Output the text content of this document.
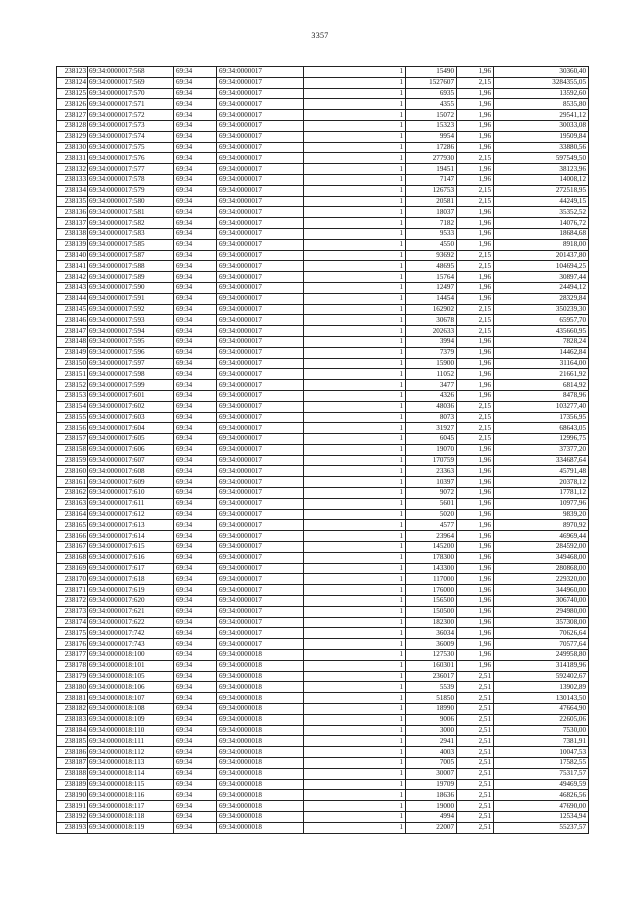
3357
238123	69:34:0000017:568	69:34	69:34:0000017	1	15490	1,96	30360,40
238124	69:34:0000017:569	69:34	69:34:0000017	1	1527607	2,15	3284355,05
238125	69:34:0000017:570	69:34	69:34:0000017	1	6935	1,96	13592,60
238126	69:34:0000017:571	69:34	69:34:0000017	1	4355	1,96	8535,80
238127	69:34:0000017:572	69:34	69:34:0000017	1	15072	1,96	29541,12
238128	69:34:0000017:573	69:34	69:34:0000017	1	15323	1,96	30033,08
238129	69:34:0000017:574	69:34	69:34:0000017	1	9954	1,96	19509,84
238130	69:34:0000017:575	69:34	69:34:0000017	1	17286	1,96	33880,56
238131	69:34:0000017:576	69:34	69:34:0000017	1	277930	2,15	597549,50
238132	69:34:0000017:577	69:34	69:34:0000017	1	19451	1,96	38123,96
238133	69:34:0000017:578	69:34	69:34:0000017	1	7147	1,96	14008,12
238134	69:34:0000017:579	69:34	69:34:0000017	1	126753	2,15	272518,95
238135	69:34:0000017:580	69:34	69:34:0000017	1	20581	2,15	44249,15
238136	69:34:0000017:581	69:34	69:34:0000017	1	18037	1,96	35352,52
238137	69:34:0000017:582	69:34	69:34:0000017	1	7182	1,96	14076,72
238138	69:34:0000017:583	69:34	69:34:0000017	1	9533	1,96	18684,68
238139	69:34:0000017:585	69:34	69:34:0000017	1	4550	1,96	8918,00
238140	69:34:0000017:587	69:34	69:34:0000017	1	93692	2,15	201437,80
238141	69:34:0000017:588	69:34	69:34:0000017	1	48695	2,15	104694,25
238142	69:34:0000017:589	69:34	69:34:0000017	1	15764	1,96	30897,44
238143	69:34:0000017:590	69:34	69:34:0000017	1	12497	1,96	24494,12
238144	69:34:0000017:591	69:34	69:34:0000017	1	14454	1,96	28329,84
238145	69:34:0000017:592	69:34	69:34:0000017	1	162902	2,15	350239,30
238146	69:34:0000017:593	69:34	69:34:0000017	1	30678	2,15	65957,70
238147	69:34:0000017:594	69:34	69:34:0000017	1	202633	2,15	435660,95
238148	69:34:0000017:595	69:34	69:34:0000017	1	3994	1,96	7828,24
238149	69:34:0000017:596	69:34	69:34:0000017	1	7379	1,96	14462,84
238150	69:34:0000017:597	69:34	69:34:0000017	1	15900	1,96	31164,00
238151	69:34:0000017:598	69:34	69:34:0000017	1	11052	1,96	21661,92
238152	69:34:0000017:599	69:34	69:34:0000017	1	3477	1,96	6814,92
238153	69:34:0000017:601	69:34	69:34:0000017	1	4326	1,96	8478,96
238154	69:34:0000017:602	69:34	69:34:0000017	1	48036	2,15	103277,40
238155	69:34:0000017:603	69:34	69:34:0000017	1	8073	2,15	17356,95
238156	69:34:0000017:604	69:34	69:34:0000017	1	31927	2,15	68643,05
238157	69:34:0000017:605	69:34	69:34:0000017	1	6045	2,15	12996,75
238158	69:34:0000017:606	69:34	69:34:0000017	1	19070	1,96	37377,20
238159	69:34:0000017:607	69:34	69:34:0000017	1	170759	1,96	334687,64
238160	69:34:0000017:608	69:34	69:34:0000017	1	23363	1,96	45791,48
238161	69:34:0000017:609	69:34	69:34:0000017	1	10397	1,96	20378,12
238162	69:34:0000017:610	69:34	69:34:0000017	1	9072	1,96	17781,12
238163	69:34:0000017:611	69:34	69:34:0000017	1	5601	1,96	10977,96
238164	69:34:0000017:612	69:34	69:34:0000017	1	5020	1,96	9839,20
238165	69:34:0000017:613	69:34	69:34:0000017	1	4577	1,96	8970,92
238166	69:34:0000017:614	69:34	69:34:0000017	1	23964	1,96	46969,44
238167	69:34:0000017:615	69:34	69:34:0000017	1	145200	1,96	284592,00
238168	69:34:0000017:616	69:34	69:34:0000017	1	178300	1,96	349468,00
238169	69:34:0000017:617	69:34	69:34:0000017	1	143300	1,96	280868,00
238170	69:34:0000017:618	69:34	69:34:0000017	1	117000	1,96	229320,00
238171	69:34:0000017:619	69:34	69:34:0000017	1	176000	1,96	344960,00
238172	69:34:0000017:620	69:34	69:34:0000017	1	156500	1,96	306740,00
238173	69:34:0000017:621	69:34	69:34:0000017	1	150500	1,96	294980,00
238174	69:34:0000017:622	69:34	69:34:0000017	1	182300	1,96	357308,00
238175	69:34:0000017:742	69:34	69:34:0000017	1	36034	1,96	70626,64
238176	69:34:0000017:743	69:34	69:34:0000017	1	36009	1,96	70577,64
238177	69:34:0000018:100	69:34	69:34:0000018	1	127530	1,96	249958,80
238178	69:34:0000018:101	69:34	69:34:0000018	1	160301	1,96	314189,96
238179	69:34:0000018:105	69:34	69:34:0000018	1	236017	2,51	592402,67
238180	69:34:0000018:106	69:34	69:34:0000018	1	5539	2,51	13902,89
238181	69:34:0000018:107	69:34	69:34:0000018	1	51850	2,51	130143,50
238182	69:34:0000018:108	69:34	69:34:0000018	1	18990	2,51	47664,90
238183	69:34:0000018:109	69:34	69:34:0000018	1	9006	2,51	22605,06
238184	69:34:0000018:110	69:34	69:34:0000018	1	3000	2,51	7530,00
238185	69:34:0000018:111	69:34	69:34:0000018	1	2941	2,51	7381,91
238186	69:34:0000018:112	69:34	69:34:0000018	1	4003	2,51	10047,53
238187	69:34:0000018:113	69:34	69:34:0000018	1	7005	2,51	17582,55
238188	69:34:0000018:114	69:34	69:34:0000018	1	30007	2,51	75317,57
238189	69:34:0000018:115	69:34	69:34:0000018	1	19709	2,51	49469,59
238190	69:34:0000018:116	69:34	69:34:0000018	1	18636	2,51	46826,56
238191	69:34:0000018:117	69:34	69:34:0000018	1	19000	2,51	47690,00
238192	69:34:0000018:118	69:34	69:34:0000018	1	4994	2,51	12534,94
238193	69:34:0000018:119	69:34	69:34:0000018	1	22007	2,51	55237,57
